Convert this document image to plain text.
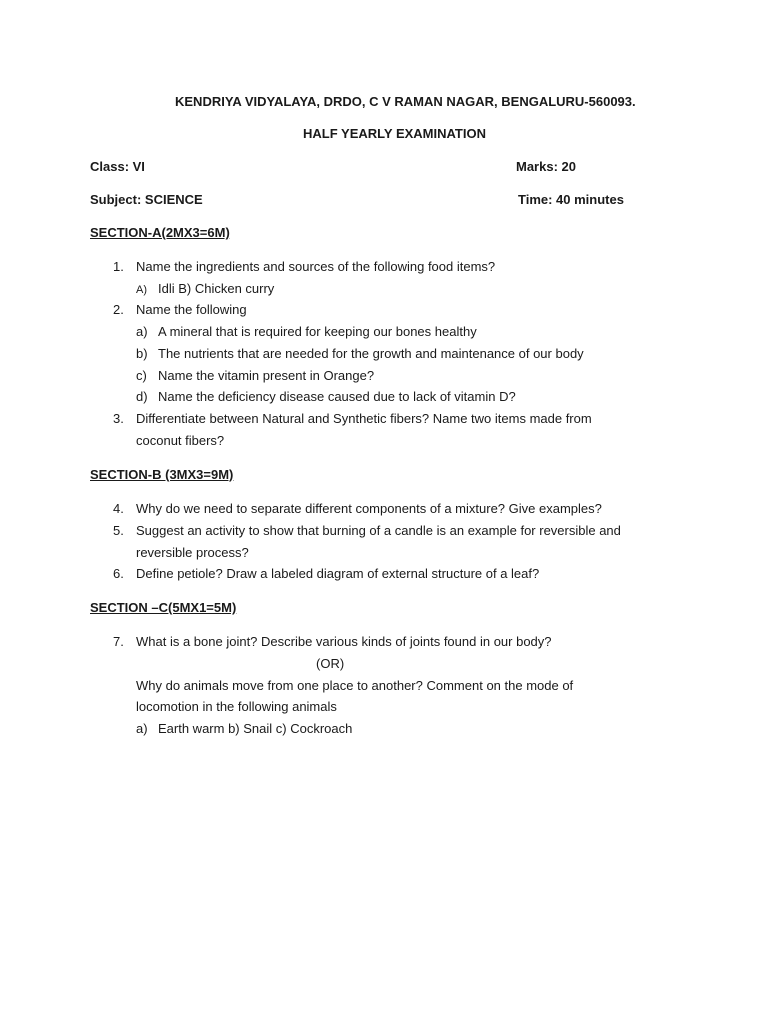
KENDRIYA VIDYALAYA, DRDO, C V RAMAN NAGAR, BENGALURU-560093.
HALF YEARLY EXAMINATION
Class: VI	Marks: 20
Subject: SCIENCE	Time: 40 minutes
SECTION-A(2MX3=6M)
1. Name the ingredients and sources of the following food items?
A) Idli B) Chicken curry
2. Name the following
a) A mineral that is required for keeping our bones healthy
b) The nutrients that are needed for the growth and maintenance of our body
c) Name the vitamin present in Orange?
d) Name the deficiency disease caused due to lack of vitamin D?
3. Differentiate between Natural and Synthetic fibers? Name two items made from
coconut fibers?
SECTION-B (3MX3=9M)
4. Why do we need to separate different components of a mixture? Give examples?
5. Suggest an activity to show that burning of a candle is an example for reversible and
reversible process?
6. Define petiole? Draw a labeled diagram of external structure of a leaf?
SECTION –C(5MX1=5M)
7. What is a bone joint? Describe various kinds of joints found in our body?
(OR)
Why do animals move from one place to another? Comment on the mode of
locomotion in the following animals
a) Earth warm b) Snail c) Cockroach
